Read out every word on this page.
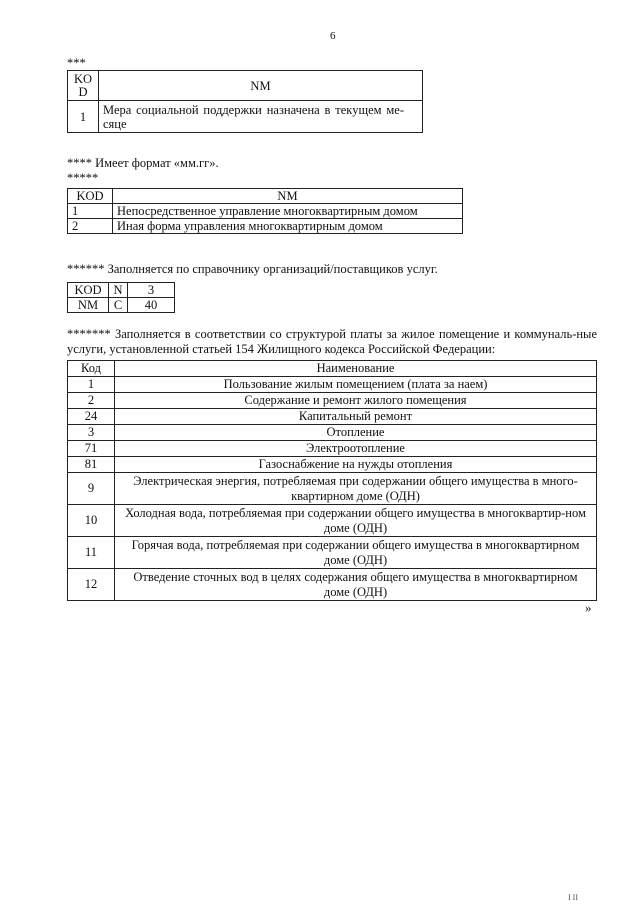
6
***
KO
D	NM
1	Мера социальной поддержки назначена в текущем ме-сяце
**** Имеет формат «мм.гг».
*****
KOD	NM
1	Непосредственное управление многоквартирным домом
2	Иная форма управления многоквартирным домом
****** Заполняется по справочнику организаций/поставщиков услуг.
KOD	N	3
NM	C	40
******* Заполняется в соответствии со структурой платы за жилое помещение и коммуналь-ные услуги, установленной статьей 154 Жилищного кодекса Российской Федерации:
Код	Наименование
1	Пользование жилым помещением (плата за наем)
2	Содержание и ремонт жилого помещения
24	Капитальный ремонт
3	Отопление
71	Электроотопление
81	Газоснабжение на нужды отопления
9	Электрическая энергия, потребляемая при содержании общего имущества в много-квартирном доме (ОДН)
10	Холодная вода, потребляемая при содержании общего имущества в многоквартир-ном доме (ОДН)
11	Горячая вода, потребляемая при содержании общего имущества в многоквартирном доме (ОДН)
12	Отведение сточных вод в целях содержания общего имущества в многоквартирном доме (ОДН)
»
I II
